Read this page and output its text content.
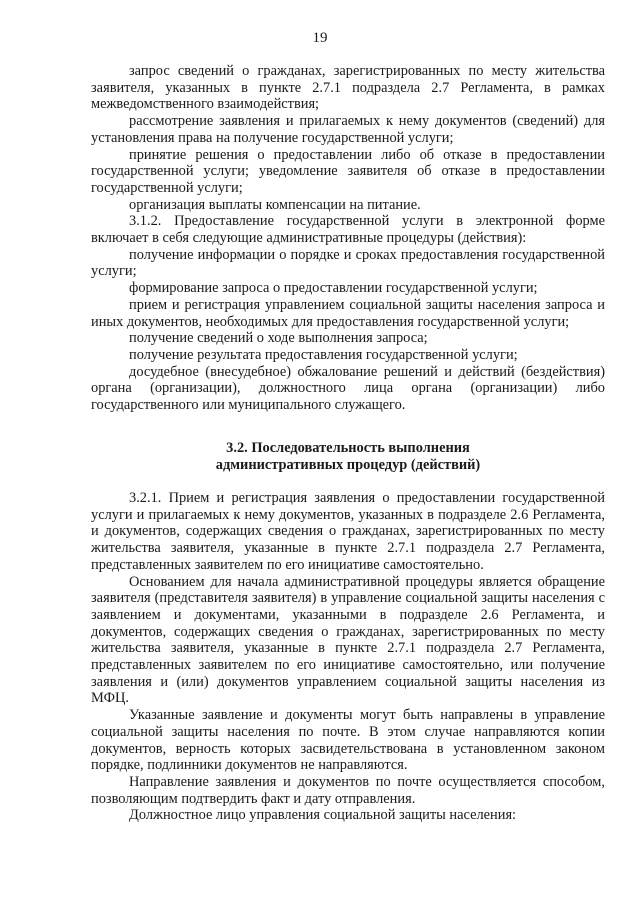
19

запрос сведений о гражданах, зарегистрированных по месту жительства заявителя, указанных в пункте 2.7.1 подраздела 2.7 Регламента, в рамках межведомственного взаимодействия;

рассмотрение заявления и прилагаемых к нему документов (сведений) для установления права на получение государственной услуги;

принятие решения о предоставлении либо об отказе в предоставлении государственной услуги; уведомление заявителя об отказе в предоставлении государственной услуги;

организация выплаты компенсации на питание.

3.1.2. Предоставление государственной услуги в электронной форме включает в себя следующие административные процедуры (действия):

получение информации о порядке и сроках предоставления государственной услуги;

формирование запроса о предоставлении государственной услуги;

прием и регистрация управлением социальной защиты населения запроса и иных документов, необходимых для предоставления государственной услуги;

получение сведений о ходе выполнения запроса;

получение результата предоставления государственной услуги;

досудебное (внесудебное) обжалование решений и действий (бездействия) органа (организации), должностного лица органа (организации) либо государственного или муниципального служащего.

3.2. Последовательность выполнения

административных процедур (действий)

3.2.1. Прием и регистрация заявления о предоставлении государственной услуги и прилагаемых к нему документов, указанных в подразделе 2.6 Регламента, и документов, содержащих сведения о гражданах, зарегистрированных по месту жительства заявителя, указанные в пункте 2.7.1 подраздела 2.7 Регламента, представленных заявителем по его инициативе самостоятельно.

Основанием для начала административной процедуры является обращение заявителя (представителя заявителя) в управление социальной защиты населения с заявлением и документами, указанными в подразделе 2.6 Регламента, и документов, содержащих сведения о гражданах, зарегистрированных по месту жительства заявителя, указанные в пункте 2.7.1 подраздела 2.7 Регламента, представленных заявителем по его инициативе самостоятельно, или получение заявления и (или) документов управлением социальной защиты населения из МФЦ.

Указанные заявление и документы могут быть направлены в управление социальной защиты населения по почте. В этом случае направляются копии документов, верность которых засвидетельствована в установленном законом порядке, подлинники документов не направляются.

Направление заявления и документов по почте осуществляется способом, позволяющим подтвердить факт и дату отправления.

Должностное лицо управления социальной защиты населения:
